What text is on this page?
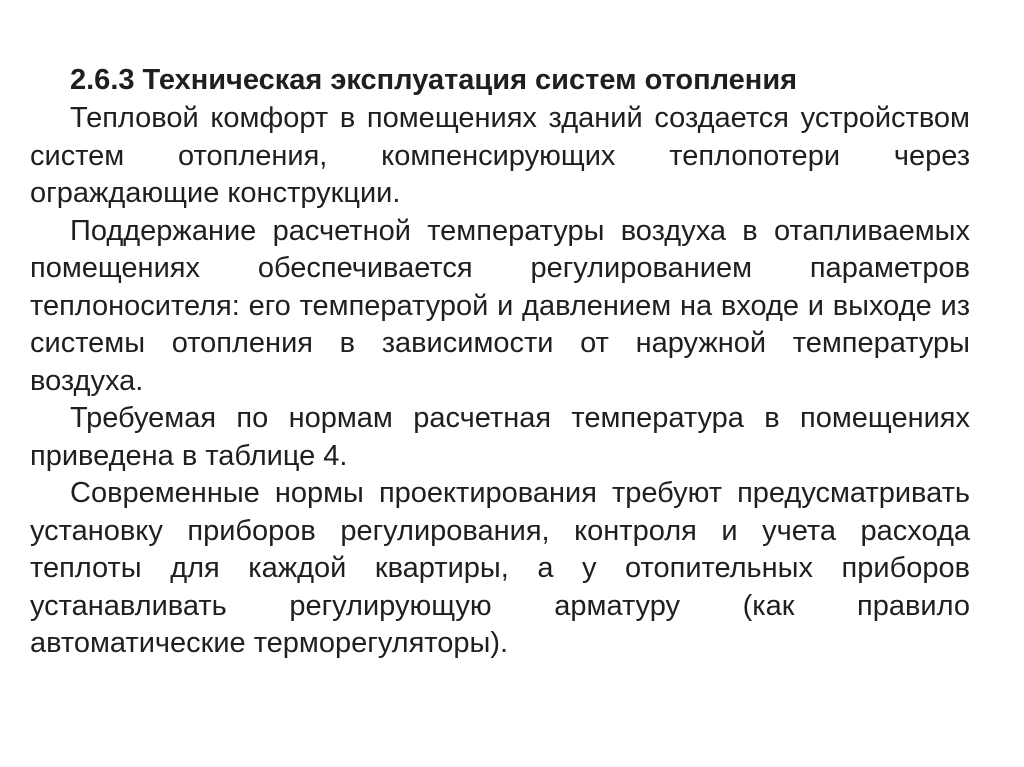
2.6.3 Техническая эксплуатация систем отопления

Тепловой комфорт в помещениях зданий создается устройством систем отопления, компенсирующих теплопотери через ограждающие конструкции.

Поддержание расчетной температуры воздуха в отапливаемых помещениях обеспечивается регулированием параметров теплоносителя: его температурой и давлением на входе и выходе из системы отопления в зависимости от наружной температуры воздуха.

Требуемая по нормам расчетная температура в помещениях приведена в таблице 4.

Современные нормы проектирования требуют предусматривать установку приборов регулирования, контроля и учета расхода теплоты для каждой квартиры, а у отопительных приборов устанавливать регулирующую арматуру (как правило автоматические терморегуляторы).
